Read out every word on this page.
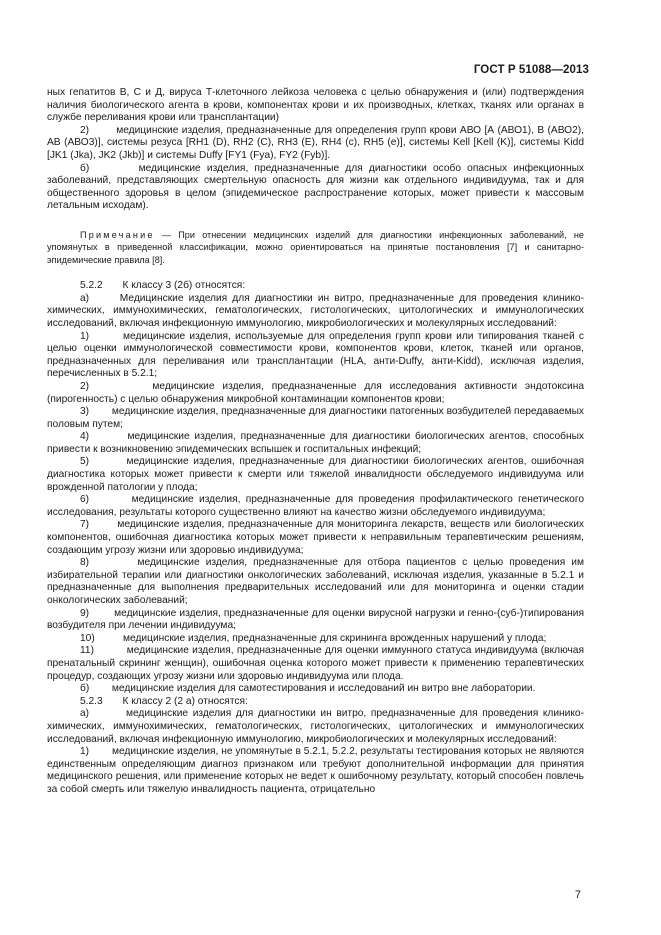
ГОСТ Р 51088—2013

ных гепатитов В, С и Д, вируса Т-клеточного лейкоза человека с целью обнаружения и (или) подтверждения наличия биологического агента в крови, компонентах крови и их производных, клетках, тканях или органах в службе переливания крови или трансплантации)

2)        медицинские изделия, предназначенные для определения групп крови АВО [А (АВО1), В (АВО2), АВ (АВО3)], системы резуса [RH1 (D), RH2 (C), RH3 (E), RH4 (с), RH5 (е)], системы Kell [Kell (K)], системы Kidd [JK1 (Jka), JK2 (Jkb)] и системы Duffy [FY1 (Fya), FY2 (Fyb)].

б)        медицинские изделия, предназначенные для диагностики особо опасных инфекционных заболеваний, представляющих смертельную опасность для жизни как отдельного индивидуума, так и для общественного здоровья в целом (эпидемическое распространение которых, может привести к массовым летальным исходам).

Примечание — При отнесении медицинских изделий для диагностики инфекционных заболеваний, не упомянутых в приведенной классификации, можно ориентироваться на принятые постановления [7] и санитарно-эпидемические правила [8].

5.2.2       К классу 3 (2б) относятся:

а)      Медицинские изделия для диагностики ин витро, предназначенные для проведения клинико-химических, иммунохимических, гематологических, гистологических, цитологических и иммунологических исследований, включая инфекционную иммунологию, микробиологических и молекулярных исследований:

1)        медицинские изделия, используемые для определения групп крови или типирования тканей с целью оценки иммунологической совместимости крови, компонентов крови, клеток, тканей или органов, предназначенных для переливания или трансплантации (HLA, анти-Duffy, анти-Kidd), исключая изделия, перечисленных в 5.2.1;

2)        медицинские изделия, предназначенные для исследования активности эндотоксина (пирогенность) с целью обнаружения микробной контаминации компонентов крови;

3)        медицинские изделия, предназначенные для диагностики патогенных возбудителей передаваемых половым путем;

4)        медицинские изделия, предназначенные для диагностики биологических агентов, способных привести к возникновению эпидемических вспышек и госпитальных инфекций;

5)        медицинские изделия, предназначенные для диагностики биологических агентов, ошибочная диагностика которых может привести к смерти или тяжелой инвалидности обследуемого индивидуума или врожденной патологии у плода;

6)        медицинские изделия, предназначенные для проведения профилактического генетического исследования, результаты которого существенно влияют на качество жизни обследуемого индивидуума;

7)        медицинские изделия, предназначенные для мониторинга лекарств, веществ или биологических компонентов, ошибочная диагностика которых может привести к неправильным терапевтическим решениям, создающим угрозу жизни или здоровью индивидуума;

8)        медицинские изделия, предназначенные для отбора пациентов с целью проведения им избирательной терапии или диагностики онкологических заболеваний, исключая изделия, указанные в 5.2.1 и предназначенные для выполнения предварительных исследований или для мониторинга и оценки стадии онкологических заболеваний;

9)        медицинские изделия, предназначенные для оценки вирусной нагрузки и генно-(суб-)типирования возбудителя при лечении индивидуума;

10)          медицинские изделия, предназначенные для скрининга врожденных нарушений у плода;

11)          медицинские изделия, предназначенные для оценки иммунного статуса индивидуума (включая пренатальный скрининг женщин), ошибочная оценка которого может привести к применению терапевтических процедур, создающих угрозу жизни или здоровью индивидуума или плода.

б)        медицинские изделия для самотестирования и исследований ин витро вне лаборатории.

5.2.3       К классу 2 (2 а) относятся:

а)        медицинские изделия для диагностики ин витро, предназначенные для проведения клинико-химических, иммунохимических, гематологических, гистологических, цитологических и иммунологических исследований, включая инфекционную иммунологию, микробиологических и молекулярных исследований:

1)        медицинские изделия, не упомянутые в 5.2.1, 5.2.2, результаты тестирования которых не являются единственным определяющим диагноз признаком или требуют дополнительной информации для принятия медицинского решения, или применение которых не ведет к ошибочному результату, который способен повлечь за собой смерть или тяжелую инвалидность пациента, отрицательно

7
